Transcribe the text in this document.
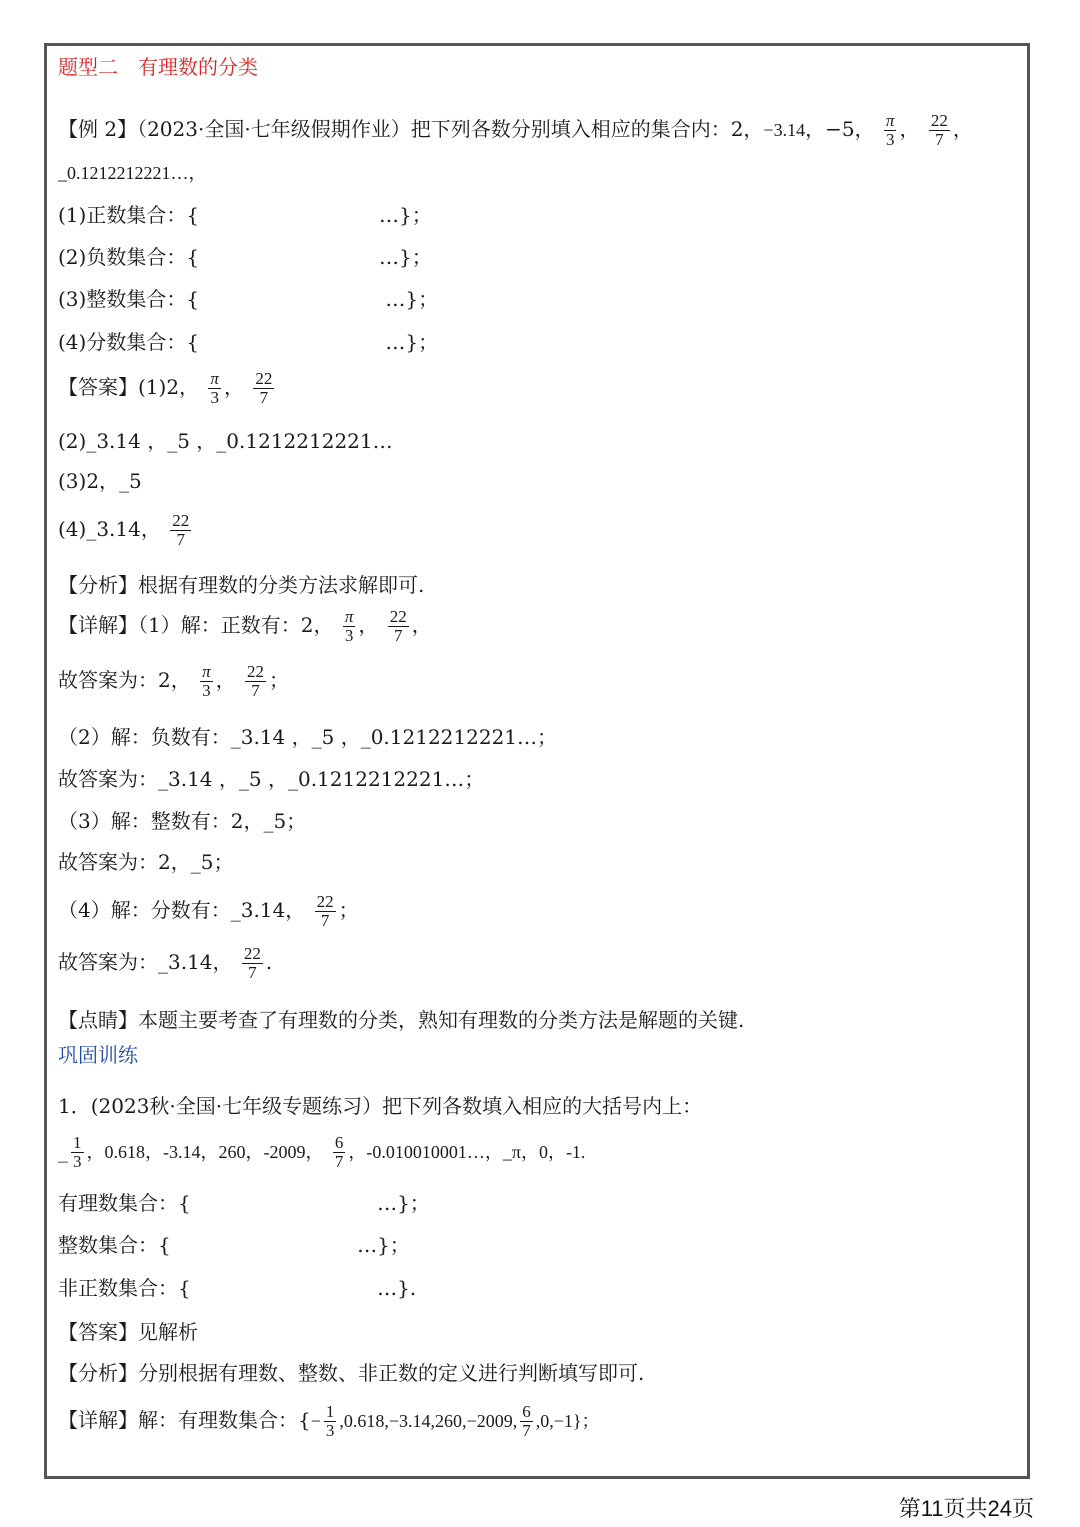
题型二　有理数的分类
【例 2】（2023·全国·七年级假期作业）把下列各数分别填入相应的集合内：2，−3.14，−5， $\frac{\pi}{3}$ ， $\frac{22}{7}$ ，
_0.1212212221…，
(1)正数集合：{　　　　　　　　　…}；
(2)负数集合：{　　　　　　　　　…}；
(3)整数集合：{　　　　　　　　　 …}；
(4)分数集合：{　　　　　　　　　 …}；
【答案】(1)2， $\frac{\pi}{3}$ ， $\frac{22}{7}$
(2)_3.14 ，_5 ，_0.1212212221…
(3)2，_5
(4)_3.14， $\frac{22}{7}$
【分析】根据有理数的分类方法求解即可.
【详解】（1）解：正数有：2， $\frac{\pi}{3}$ ， $\frac{22}{7}$ ，
故答案为：2， $\frac{\pi}{3}$ ， $\frac{22}{7}$ ；
（2）解：负数有：_3.14 ，_5 ，_0.1212212221…；
故答案为：_3.14 ，_5 ，_0.1212212221…；
（3）解：整数有：2，_5；
故答案为：2，_5；
（4）解：分数有：_3.14， $\frac{22}{7}$ ；
故答案为：_3.14， $\frac{22}{7}$ .
【点睛】本题主要考查了有理数的分类，熟知有理数的分类方法是解题的关键.
巩固训练
1．(2023秋·全国·七年级专题练习）把下列各数填入相应的大括号内上：
_ $\frac{1}{3}$ ，0.618，-3.14，260，-2009， $\frac{6}{7}$ ，-0.010010001…，_π，0，-1.
有理数集合：{　　　　　　　　　 …}；
整数集合：{　　　　　　　　　 …}；
非正数集合：{　　　　　　　　　 …}.
【答案】见解析
【分析】分别根据有理数、整数、非正数的定义进行判断填写即可.
【详解】解：有理数集合：{− $\frac{1}{3} ,0.618,-3.14,260,-2009$, $\frac{6}{7} ,0,-1$}；
第11页共24页
